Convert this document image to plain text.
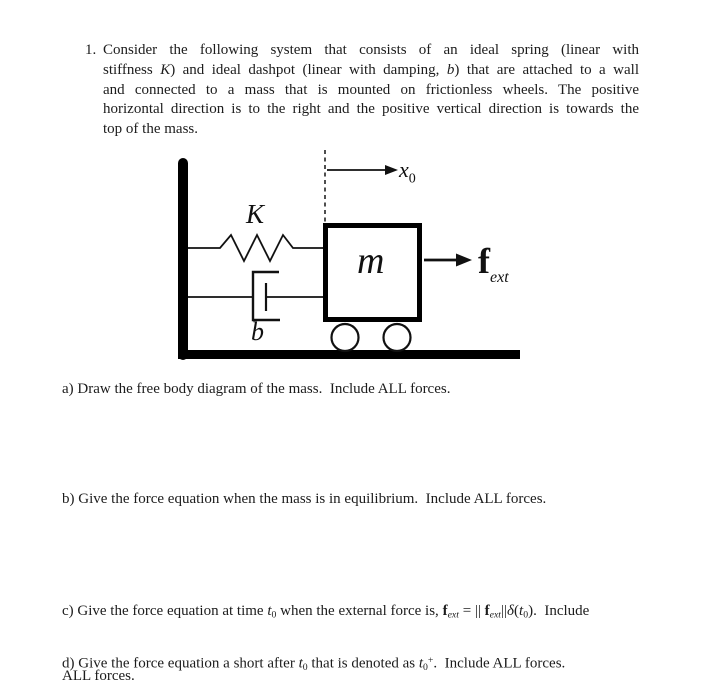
1. Consider the following system that consists of an ideal spring (linear with
stiffness K) and ideal dashpot (linear with damping, b) that are attached to a wall
and connected to a mass that is mounted on frictionless wheels. The positive
horizontal direction is to the right and the positive vertical direction is towards the
top of the mass.
K
b
m
$x_0$
$f_{ext}$
a) Draw the free body diagram of the mass.  Include ALL forces.
b) Give the force equation when the mass is in equilibrium.  Include ALL forces.

c) Give the force equation at time $t_0$ when the external force is, $f_{ext}$ = || $f_{ext}||\delta(t_0)$.  Include

ALL forces.

d) Give the force equation a short after $t_0$ that is denoted as $t_0^+$.  Include ALL forces.
